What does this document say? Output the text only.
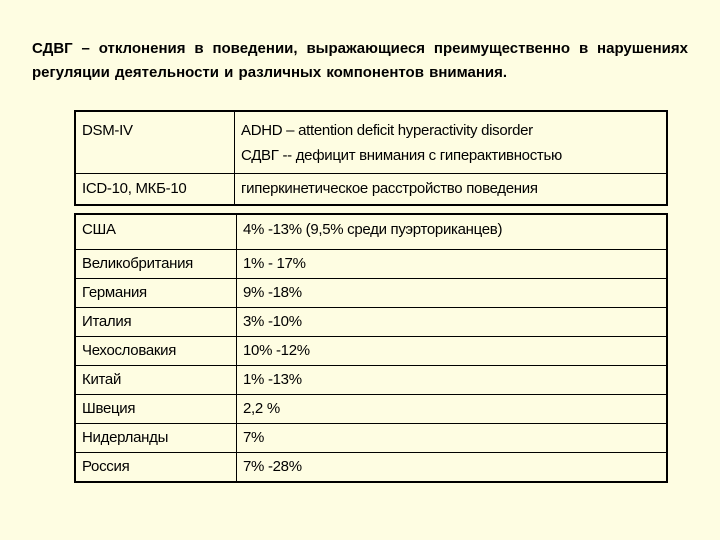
СДВГ – отклонения в поведении, выражающиеся преимущественно в нарушениях регуляции деятельности и различных компонентов внимания.
DSM-IV	ADHD – attention deficit hyperactivity disorder
СДВГ -- дефицит внимания с гиперактивностью

ICD-10, МКБ-10	гиперкинетическое расстройство поведения
США	4% -13% (9,5% среди пуэрториканцев)
Великобритания	1% - 17%
Германия	9% -18%
Италия	3% -10%
Чехословакия	10% -12%
Китай	1% -13%
Швеция	2,2 %
Нидерланды	7%
Россия	7% -28%
